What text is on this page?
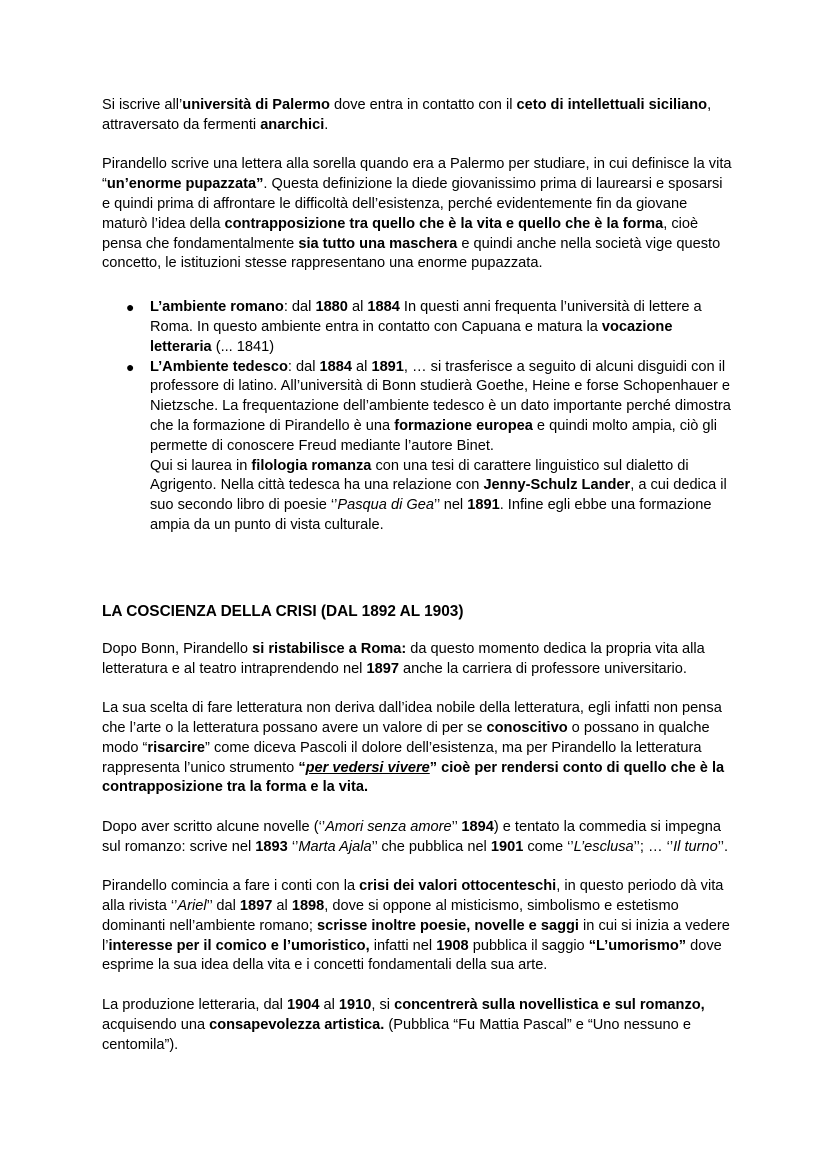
Si iscrive all’università di Palermo dove entra in contatto con il ceto di intellettuali siciliano, attraversato da fermenti anarchici.

Pirandello scrive una lettera alla sorella quando era a Palermo per studiare, in cui definisce la vita “un’enorme pupazzata”. Questa definizione la diede giovanissimo prima di laurearsi e sposarsi e quindi prima di affrontare le difficoltà dell’esistenza, perché evidentemente fin da giovane maturò l’idea della contrapposizione tra quello che è la vita e quello che è la forma, cioè pensa che fondamentalmente sia tutto una maschera e quindi anche nella società vige questo concetto, le istituzioni stesse rappresentano una enorme pupazzata.

● L’ambiente romano: dal 1880 al 1884 In questi anni frequenta l’università di lettere a Roma. In questo ambiente entra in contatto con Capuana e matura la vocazione letteraria (... 1841)
● L’Ambiente tedesco: dal 1884 al 1891, … si trasferisce a seguito di alcuni disguidi con il professore di latino. All’università di Bonn studierà Goethe, Heine e forse Schopenhauer e Nietzsche. La frequentazione dell’ambiente tedesco è un dato importante perché dimostra che la formazione di Pirandello è una formazione europea e quindi molto ampia, ciò gli permette di conoscere Freud mediante l’autore Binet.
Qui si laurea in filologia romanza con una tesi di carattere linguistico sul dialetto di Agrigento. Nella città tedesca ha una relazione con Jenny-Schulz Lander, a cui dedica il suo secondo libro di poesie ‘’Pasqua di Gea’’ nel 1891. Infine egli ebbe una formazione ampia da un punto di vista culturale.
LA COSCIENZA DELLA CRISI (DAL 1892 AL 1903)

Dopo Bonn, Pirandello si ristabilisce a Roma: da questo momento dedica la propria vita alla letteratura e al teatro intraprendendo nel 1897 anche la carriera di professore universitario.

La sua scelta di fare letteratura non deriva dall’idea nobile della letteratura, egli infatti non pensa che l’arte o la letteratura possano avere un valore di per se conoscitivo o possano in qualche modo “risarcire” come diceva Pascoli il dolore dell’esistenza, ma per Pirandello la letteratura rappresenta l’unico strumento “per vedersi vivere” cioè per rendersi conto di quello che è la contrapposizione tra la forma e la vita.

Dopo aver scritto alcune novelle (‘’Amori senza amore’’ 1894) e tentato la commedia si impegna sul romanzo: scrive nel 1893 ‘’Marta Ajala’’ che pubblica nel 1901 come ‘’L’esclusa’’; … ‘’Il turno’’.

Pirandello comincia a fare i conti con la crisi dei valori ottocenteschi, in questo periodo dà vita alla rivista ‘’Ariel’’ dal 1897 al 1898, dove si oppone al misticismo, simbolismo e estetismo dominanti nell’ambiente romano; scrisse inoltre poesie, novelle e saggi in cui si inizia a vedere l’interesse per il comico e l’umoristico, infatti nel 1908 pubblica il saggio “L’umorismo” dove esprime la sua idea della vita e i concetti fondamentali della sua arte.

La produzione letteraria, dal 1904 al 1910, si concentrerà sulla novellistica e sul romanzo, acquisendo una consapevolezza artistica. (Pubblica “Fu Mattia Pascal” e “Uno nessuno e centomila”).
